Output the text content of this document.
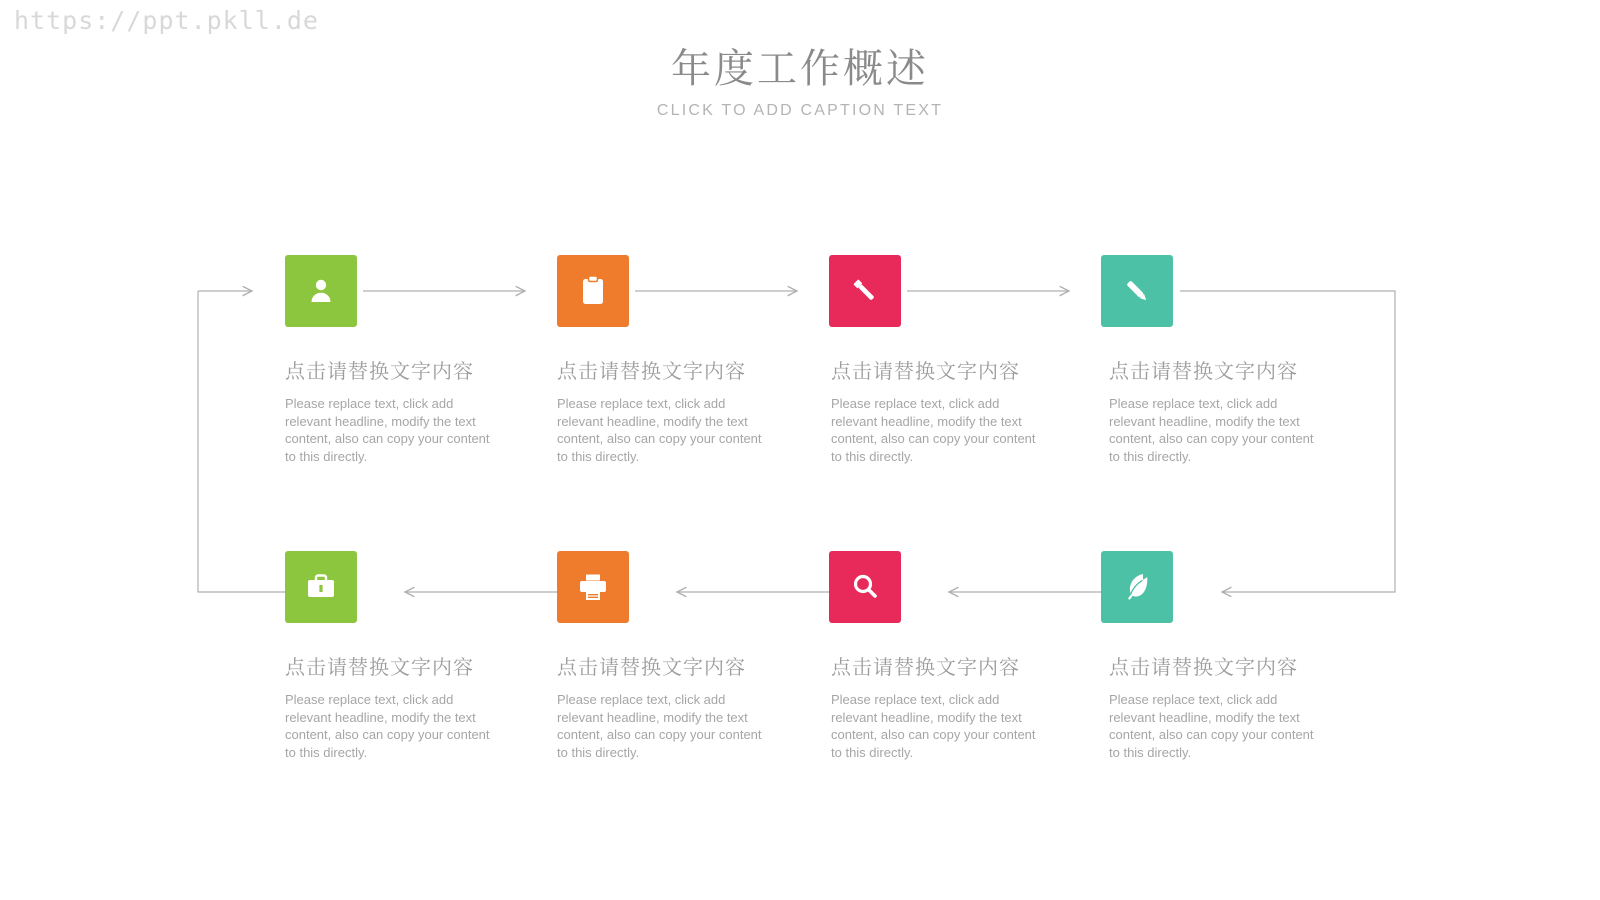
https://ppt.pkll.de
年度工作概述
CLICK TO ADD CAPTION TEXT
点击请替换文字内容
Please replace text, click add relevant headline, modify the text content, also can copy your content to this directly.
点击请替换文字内容
Please replace text, click add relevant headline, modify the text content, also can copy your content to this directly.
点击请替换文字内容
Please replace text, click add relevant headline, modify the text content, also can copy your content to this directly.
点击请替换文字内容
Please replace text, click add relevant headline, modify the text content, also can copy your content to this directly.
点击请替换文字内容
Please replace text, click add relevant headline, modify the text content, also can copy your content to this directly.
点击请替换文字内容
Please replace text, click add relevant headline, modify the text content, also can copy your content to this directly.
点击请替换文字内容
Please replace text, click add relevant headline, modify the text content, also can copy your content to this directly.
点击请替换文字内容
Please replace text, click add relevant headline, modify the text content, also can copy your content to this directly.
